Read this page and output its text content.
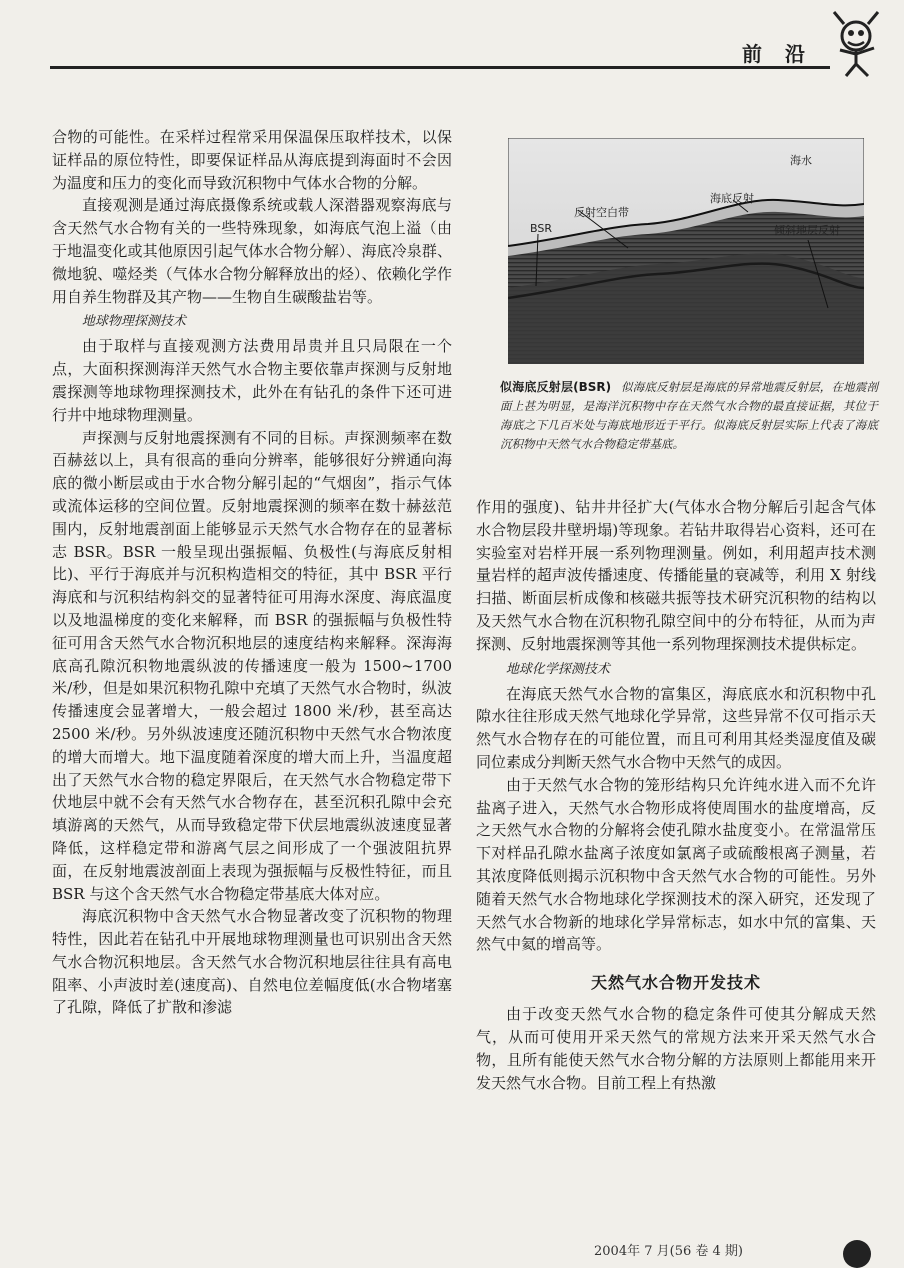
前 沿

合物的可能性。在采样过程常采用保温保压取样技术，以保证样品的原位特性，即要保证样品从海底提到海面时不会因为温度和压力的变化而导致沉积物中气体水合物的分解。

直接观测是通过海底摄像系统或载人深潜器观察海底与含天然气水合物有关的一些特殊现象，如海底气泡上溢（由于地温变化或其他原因引起气体水合物分解）、海底冷泉群、微地貌、噬烃类（气体水合物分解释放出的烃）、依赖化学作用自养生物群及其产物——生物自生碳酸盐岩等。

地球物理探测技术

由于取样与直接观测方法费用昂贵并且只局限在一个点，大面积探测海洋天然气水合物主要依靠声探测与反射地震探测等地球物理探测技术，此外在有钻孔的条件下还可进行井中地球物理测量。

声探测与反射地震探测有不同的目标。声探测频率在数百赫兹以上，具有很高的垂向分辨率，能够很好分辨通向海底的微小断层或由于水合物分解引起的“气烟囱”，指示气体或流体运移的空间位置。反射地震探测的频率在数十赫兹范围内，反射地震剖面上能够显示天然气水合物存在的显著标志 BSR。BSR 一般呈现出强振幅、负极性(与海底反射相比)、平行于海底并与沉积构造相交的特征，其中 BSR 平行海底和与沉积结构斜交的显著特征可用海水深度、海底温度以及地温梯度的变化来解释，而 BSR 的强振幅与负极性特征可用含天然气水合物沉积地层的速度结构来解释。深海海底高孔隙沉积物地震纵波的传播速度一般为 1500~1700 米/秒，但是如果沉积物孔隙中充填了天然气水合物时，纵波传播速度会显著增大，一般会超过 1800 米/秒，甚至高达 2500 米/秒。另外纵波速度还随沉积物中天然气水合物浓度的增大而增大。地下温度随着深度的增大而上升，当温度超出了天然气水合物的稳定界限后，在天然气水合物稳定带下伏地层中就不会有天然气水合物存在，甚至沉积孔隙中会充填游离的天然气，从而导致稳定带下伏层地震纵波速度显著降低，这样稳定带和游离气层之间形成了一个强波阻抗界面，在反射地震波剖面上表现为强振幅与反极性特征，而且 BSR 与这个含天然气水合物稳定带基底大体对应。

海底沉积物中含天然气水合物显著改变了沉积物的物理特性，因此若在钻孔中开展地球物理测量也可识别出含天然气水合物沉积地层。含天然气水合物沉积地层往往具有高电阻率、小声波时差(速度高)、自然电位差幅度低(水合物堵塞了孔隙，降低了扩散和渗滤

海水
海底反射
反射空白带
BSR	倾斜地层反射
似海底反射层(BSR) 似海底反射层是海底的异常地震反射层，在地震剖面上甚为明显，是海洋沉积物中存在天然气水合物的最直接证据，其位于海底之下几百米处与海底地形近于平行。似海底反射层实际上代表了海底沉积物中天然气水合物稳定带基底。

作用的强度)、钻井井径扩大(气体水合物分解后引起含气体水合物层段井壁坍塌)等现象。若钻井取得岩心资料，还可在实验室对岩样开展一系列物理测量。例如，利用超声技术测量岩样的超声波传播速度、传播能量的衰减等，利用 X 射线扫描、断面层析成像和核磁共振等技术研究沉积物的结构以及天然气水合物在沉积物孔隙空间中的分布特征，从而为声探测、反射地震探测等其他一系列物理探测技术提供标定。

地球化学探测技术

在海底天然气水合物的富集区，海底底水和沉积物中孔隙水往往形成天然气地球化学异常，这些异常不仅可指示天然气水合物存在的可能位置，而且可利用其烃类湿度值及碳同位素成分判断天然气水合物中天然气的成因。

由于天然气水合物的笼形结构只允许纯水进入而不允许盐离子进入，天然气水合物形成将使周围水的盐度增高，反之天然气水合物的分解将会使孔隙水盐度变小。在常温常压下对样品孔隙水盐离子浓度如氯离子或硫酸根离子测量，若其浓度降低则揭示沉积物中含天然气水合物的可能性。另外随着天然气水合物地球化学探测技术的深入研究，还发现了天然气水合物新的地球化学异常标志，如水中氘的富集、天然气中氦的增高等。

天然气水合物开发技术

由于改变天然气水合物的稳定条件可使其分解成天然气，从而可使用开采天然气的常规方法来开采天然气水合物，且所有能使天然气水合物分解的方法原则上都能用来开发天然气水合物。目前工程上有热激

2004年 7 月(56 卷 4 期)
